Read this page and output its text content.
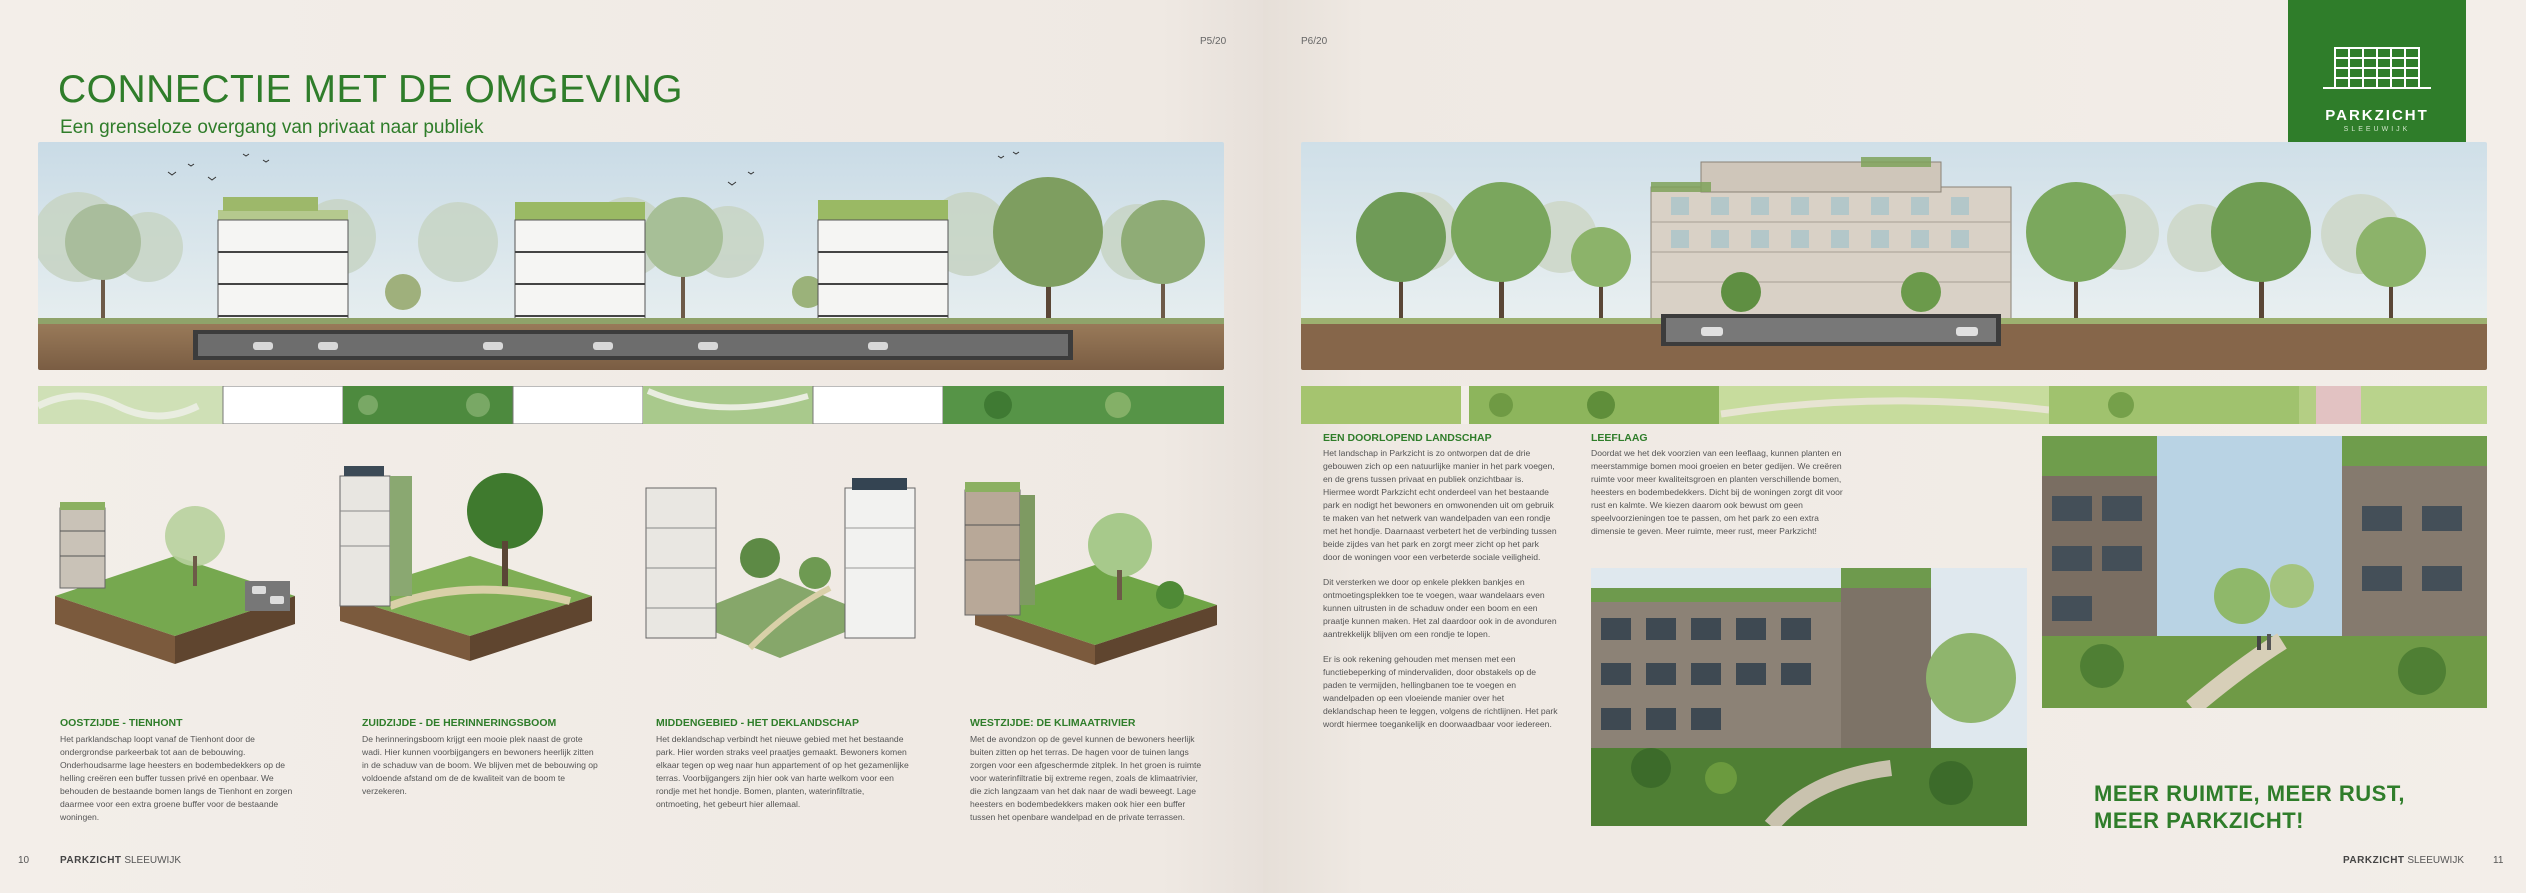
P5/20
CONNECTIE MET DE OMGEVING
Een grenseloze overgang van privaat naar publiek
OOSTZIJDE - TIENHONT
Het parklandschap loopt vanaf de Tienhont door de ondergrondse parkeerbak tot aan de bebouwing. Onderhoudsarme lage heesters en bodembedekkers op de helling creëren een buffer tussen privé en openbaar. We behouden de bestaande bomen langs de Tienhont en zorgen daarmee voor een extra groene buffer voor de bestaande woningen.
ZUIDZIJDE - DE HERINNERINGSBOOM
De herinneringsboom krijgt een mooie plek naast de grote wadi. Hier kunnen voorbijgangers en bewoners heerlijk zitten in de schaduw van de boom. We blijven met de bebouwing op voldoende afstand om de de kwaliteit van de boom te verzekeren.
MIDDENGEBIED - HET DEKLANDSCHAP
Het deklandschap verbindt het nieuwe gebied met het bestaande park. Hier worden straks veel praatjes gemaakt. Bewoners komen elkaar tegen op weg naar hun appartement of op het gezamenlijke terras. Voorbijgangers zijn hier ook van harte welkom voor een rondje met het hondje. Bomen, planten, waterinfiltratie, ontmoeting, het gebeurt hier allemaal.
WESTZIJDE: DE KLIMAATRIVIER
Met de avondzon op de gevel kunnen de bewoners heerlijk buiten zitten op het terras. De hagen voor de tuinen langs zorgen voor een afgeschermde zitplek. In het groen is ruimte voor waterinfiltratie bij extreme regen, zoals de klimaatrivier, die zich langzaam van het dak naar de wadi beweegt. Lage heesters en bodembedekkers maken ook hier een buffer tussen het openbare wandelpad en de private terrassen.
10	PARKZICHT SLEEUWIJK
P6/20
PARKZICHT
SLEEUWIJK
EEN DOORLOPEND LANDSCHAP
Het landschap in Parkzicht is zo ontworpen dat de drie gebouwen zich op een natuurlijke manier in het park voegen, en de grens tussen privaat en publiek onzichtbaar is. Hiermee wordt Parkzicht echt onderdeel van het bestaande park en nodigt het bewoners en omwonenden uit om gebruik te maken van het netwerk van wandelpaden van een rondje met het hondje. Daarnaast verbetert het de verbinding tussen beide zijdes van het park en zorgt meer zicht op het park door de woningen voor een verbeterde sociale veiligheid.
Dit versterken we door op enkele plekken bankjes en ontmoetingsplekken toe te voegen, waar wandelaars even kunnen uitrusten in de schaduw onder een boom en een praatje kunnen maken. Het zal daardoor ook in de avonduren aantrekkelijk blijven om een rondje te lopen.
Er is ook rekening gehouden met mensen met een functiebeperking of mindervaliden, door obstakels op de paden te vermijden, hellingbanen toe te voegen en wandelpaden op een vloeiende manier over het deklandschap heen te leggen, volgens de richtlijnen. Het park wordt hiermee toegankelijk en doorwaadbaar voor iedereen.
LEEFLAAG
Doordat we het dek voorzien van een leeflaag, kunnen planten en meerstammige bomen mooi groeien en beter gedijen. We creëren ruimte voor meer kwaliteitsgroen en planten verschillende bomen, heesters en bodembedekkers. Dicht bij de woningen zorgt dit voor rust en kalmte. We kiezen daarom ook bewust om geen speelvoorzieningen toe te passen, om het park zo een extra dimensie te geven. Meer ruimte, meer rust, meer Parkzicht!
MEER RUIMTE, MEER RUST,
MEER PARKZICHT!
PARKZICHT SLEEUWIJK	11
